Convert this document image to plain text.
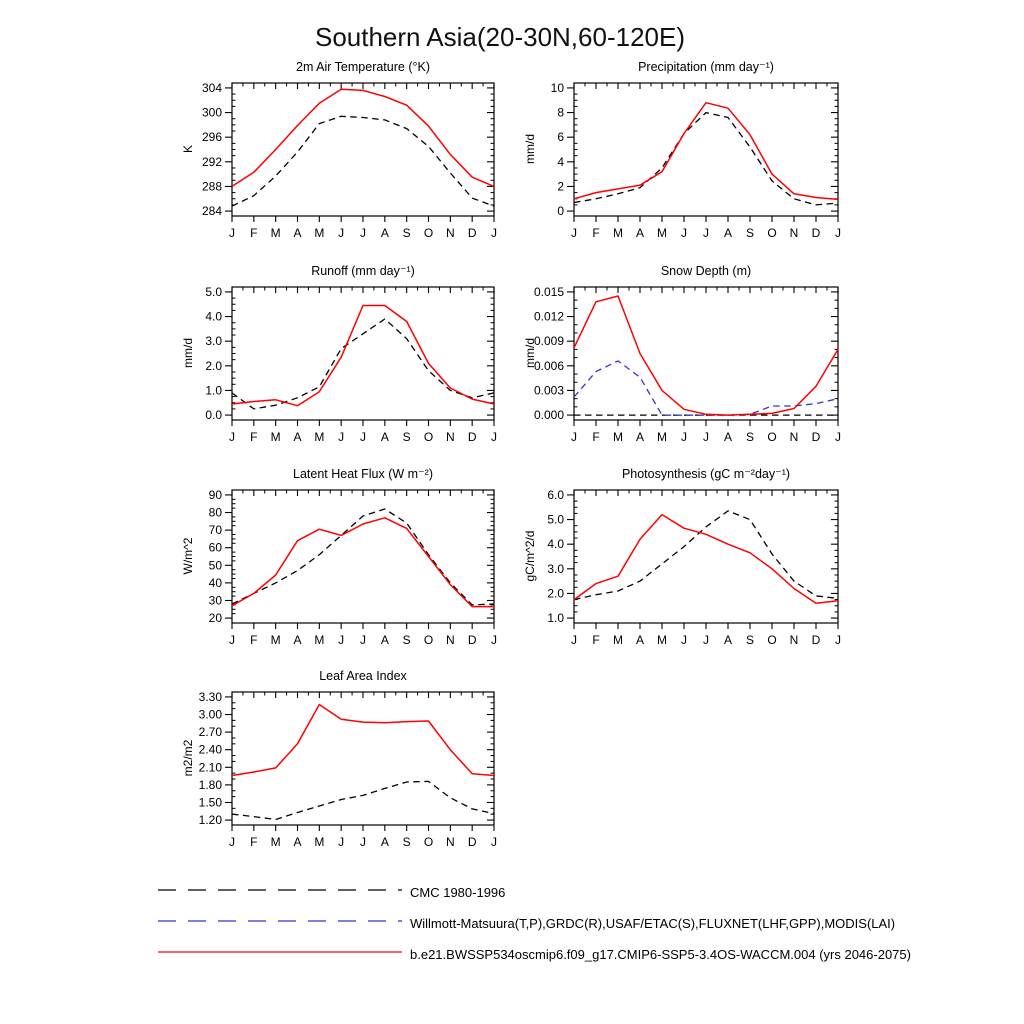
Southern Asia(20-30N,60-120E)
2m Air Temperature (°K)	Precipitation (mm day⁻¹)
Runoff (mm day⁻¹)	Snow Depth (m)
Latent Heat Flux (W m⁻²)	Photosynthesis (gC m⁻²day⁻¹)
Leaf Area Index
K	mm/d
mm/d	mm/d
W/m^2	gC/m^2/d
m2/m2
J F M A M J J A S O N D J
284
288
292
296
300
304
J F M A M J J A S O N D J
0
2
4
6
8
10
J F M A M J J A S O N D J
0.0
1.0
2.0
3.0
4.0
5.0
J F M A M J J A S O N D J
0.000
0.003
0.006
0.009
0.012
0.015
J F M A M J J A S O N D J
20
30
40
50
60
70
80
90
J F M A M J J A S O N D J
1.0
2.0
3.0
4.0
5.0
6.0
J F M A M J J A S O N D J
1.20
1.50
1.80
2.10
2.40
2.70
3.00
3.30
CMC 1980-1996
Willmott-Matsuura(T,P),GRDC(R),USAF/ETAC(S),FLUXNET(LHF,GPP),MODIS(LAI)
b.e21.BWSSP534oscmip6.f09_g17.CMIP6-SSP5-3.4OS-WACCM.004 (yrs 2046-2075)
